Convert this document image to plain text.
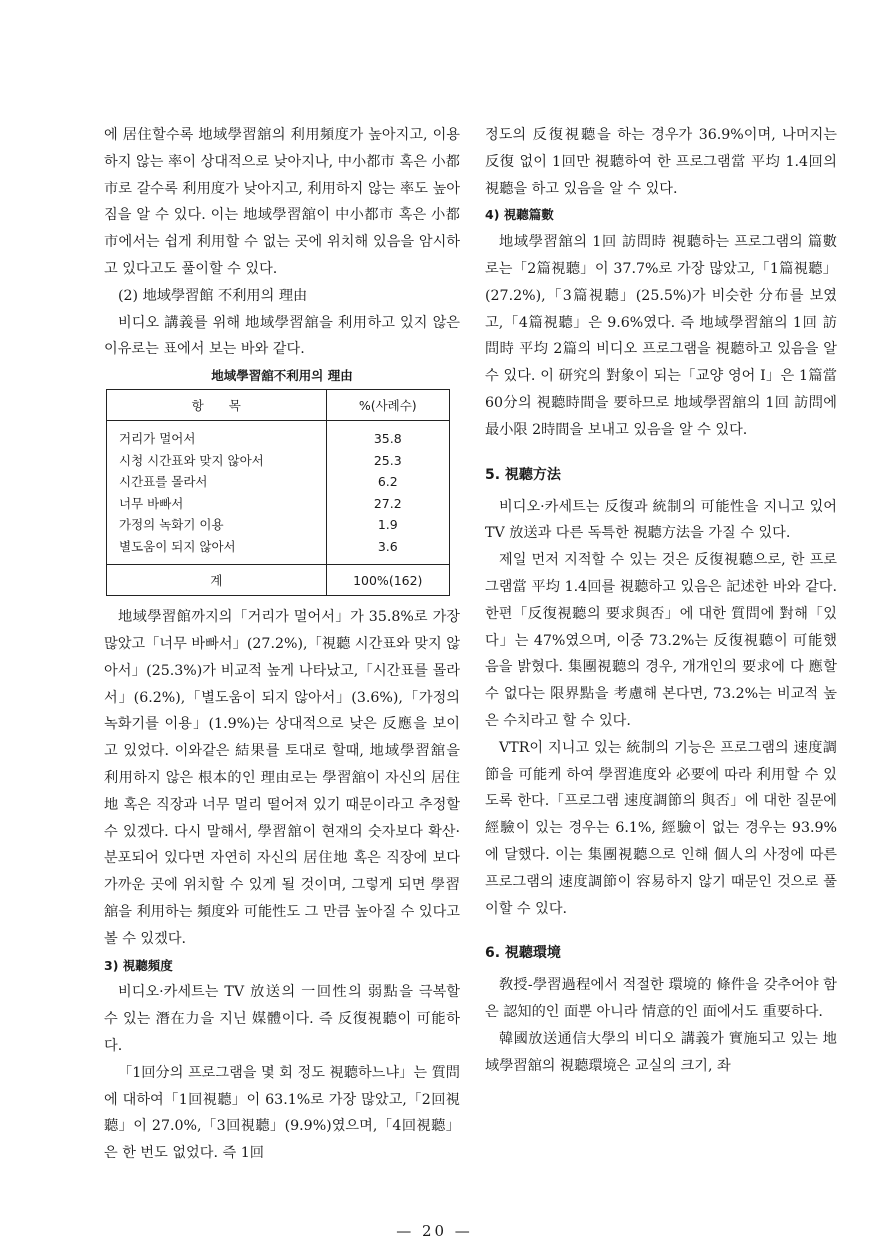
에 居住할수록 地域學習舘의 利用頻度가 높아지고, 이용하지 않는 率이 상대적으로 낮아지나, 中小都市 혹은 小都市로 갈수록 利用度가 낮아지고, 利用하지 않는 率도 높아짐을 알 수 있다. 이는 地域學習舘이 中小都市 혹은 小都市에서는 쉽게 利用할 수 없는 곳에 위치해 있음을 암시하고 있다고도 풀이할 수 있다.

(2) 地域學習館 不利用의 理由

비디오 講義를 위해 地域學習舘을 利用하고 있지 않은 이유로는 표에서 보는 바와 같다.

地域學習舘不利用의 理由
항　　목	%(사례수)
거리가 멀어서	35.8
시청 시간표와 맞지 않아서	25.3
시간표를 몰라서	6.2
너무 바빠서	27.2
가정의 녹화기 이용	1.9
별도움이 되지 않아서	3.6
계	100%(162)

地域學習館까지의「거리가 멀어서」가 35.8%로 가장 많았고「너무 바빠서」(27.2%),「視聽 시간표와 맞지 않아서」(25.3%)가 비교적 높게 나타났고,「시간표를 몰라서」(6.2%),「별도움이 되지 않아서」(3.6%),「가정의 녹화기를 이용」(1.9%)는 상대적으로 낮은 反應을 보이고 있었다. 이와같은 結果를 토대로 할때, 地域學習舘을 利用하지 않은 根本的인 理由로는 學習舘이 자신의 居住地 혹은 직장과 너무 멀리 떨어져 있기 때문이라고 추정할 수 있겠다. 다시 말해서, 學習舘이 현재의 숫자보다 확산·분포되어 있다면 자연히 자신의 居住地 혹은 직장에 보다 가까운 곳에 위치할 수 있게 될 것이며, 그렇게 되면 學習舘을 利用하는 頻度와 可能性도 그 만큼 높아질 수 있다고 볼 수 있겠다.

3) 視聽頻度

비디오·카세트는 TV 放送의 一回性의 弱點을 극복할 수 있는 潛在力을 지닌 媒體이다. 즉 反復視聽이 可能하다.

「1回分의 프로그램을 몇 회 정도 視聽하느냐」는 質問에 대하여「1回視聽」이 63.1%로 가장 많았고,「2回視聽」이 27.0%,「3回視聽」(9.9%)였으며,「4回視聽」은 한 번도 없었다. 즉 1回

정도의 反復視聽을 하는 경우가 36.9%이며, 나머지는 反復 없이 1回만 視聽하여 한 프로그램當 平均 1.4回의 視聽을 하고 있음을 알 수 있다.

4) 視聽篇數

地域學習舘의 1回 訪問時 視聽하는 프로그램의 篇數로는「2篇視聽」이 37.7%로 가장 많았고,「1篇視聽」(27.2%),「3篇視聽」(25.5%)가 비슷한 分布를 보였고,「4篇視聽」은 9.6%였다. 즉 地域學習舘의 1回 訪問時 平均 2篇의 비디오 프로그램을 視聽하고 있음을 알 수 있다. 이 研究의 對象이 되는「교양 영어 I」은 1篇當 60分의 視聽時間을 要하므로 地域學習舘의 1回 訪問에 最小限 2時間을 보내고 있음을 알 수 있다.

5. 視聽方法

비디오·카세트는 反復과 統制의 可能性을 지니고 있어 TV 放送과 다른 독특한 視聽方法을 가질 수 있다.

제일 먼저 지적할 수 있는 것은 反復視聽으로, 한 프로그램當 平均 1.4回를 視聽하고 있음은 記述한 바와 같다. 한편「反復視聽의 要求與否」에 대한 質問에 對해「있다」는 47%였으며, 이중 73.2%는 反復視聽이 可能했음을 밝혔다. 集團視聽의 경우, 개개인의 要求에 다 應할 수 없다는 限界點을 考慮해 본다면, 73.2%는 비교적 높은 수치라고 할 수 있다.

VTR이 지니고 있는 統制의 기능은 프로그램의 速度調節을 可能케 하여 學習進度와 必要에 따라 利用할 수 있도록 한다.「프로그램 速度調節의 與否」에 대한 질문에 經驗이 있는 경우는 6.1%, 經驗이 없는 경우는 93.9%에 달했다. 이는 集團視聽으로 인해 個人의 사정에 따른 프로그램의 速度調節이 容易하지 않기 때문인 것으로 풀이할 수 있다.

6. 視聽環境

敎授-學習過程에서 적절한 環境的 條件을 갖추어야 함은 認知的인 面뿐 아니라 情意的인 面에서도 重要하다.

韓國放送通信大學의 비디오 講義가 實施되고 있는 地域學習舘의 視聽環境은 교실의 크기, 좌

— 20 —
